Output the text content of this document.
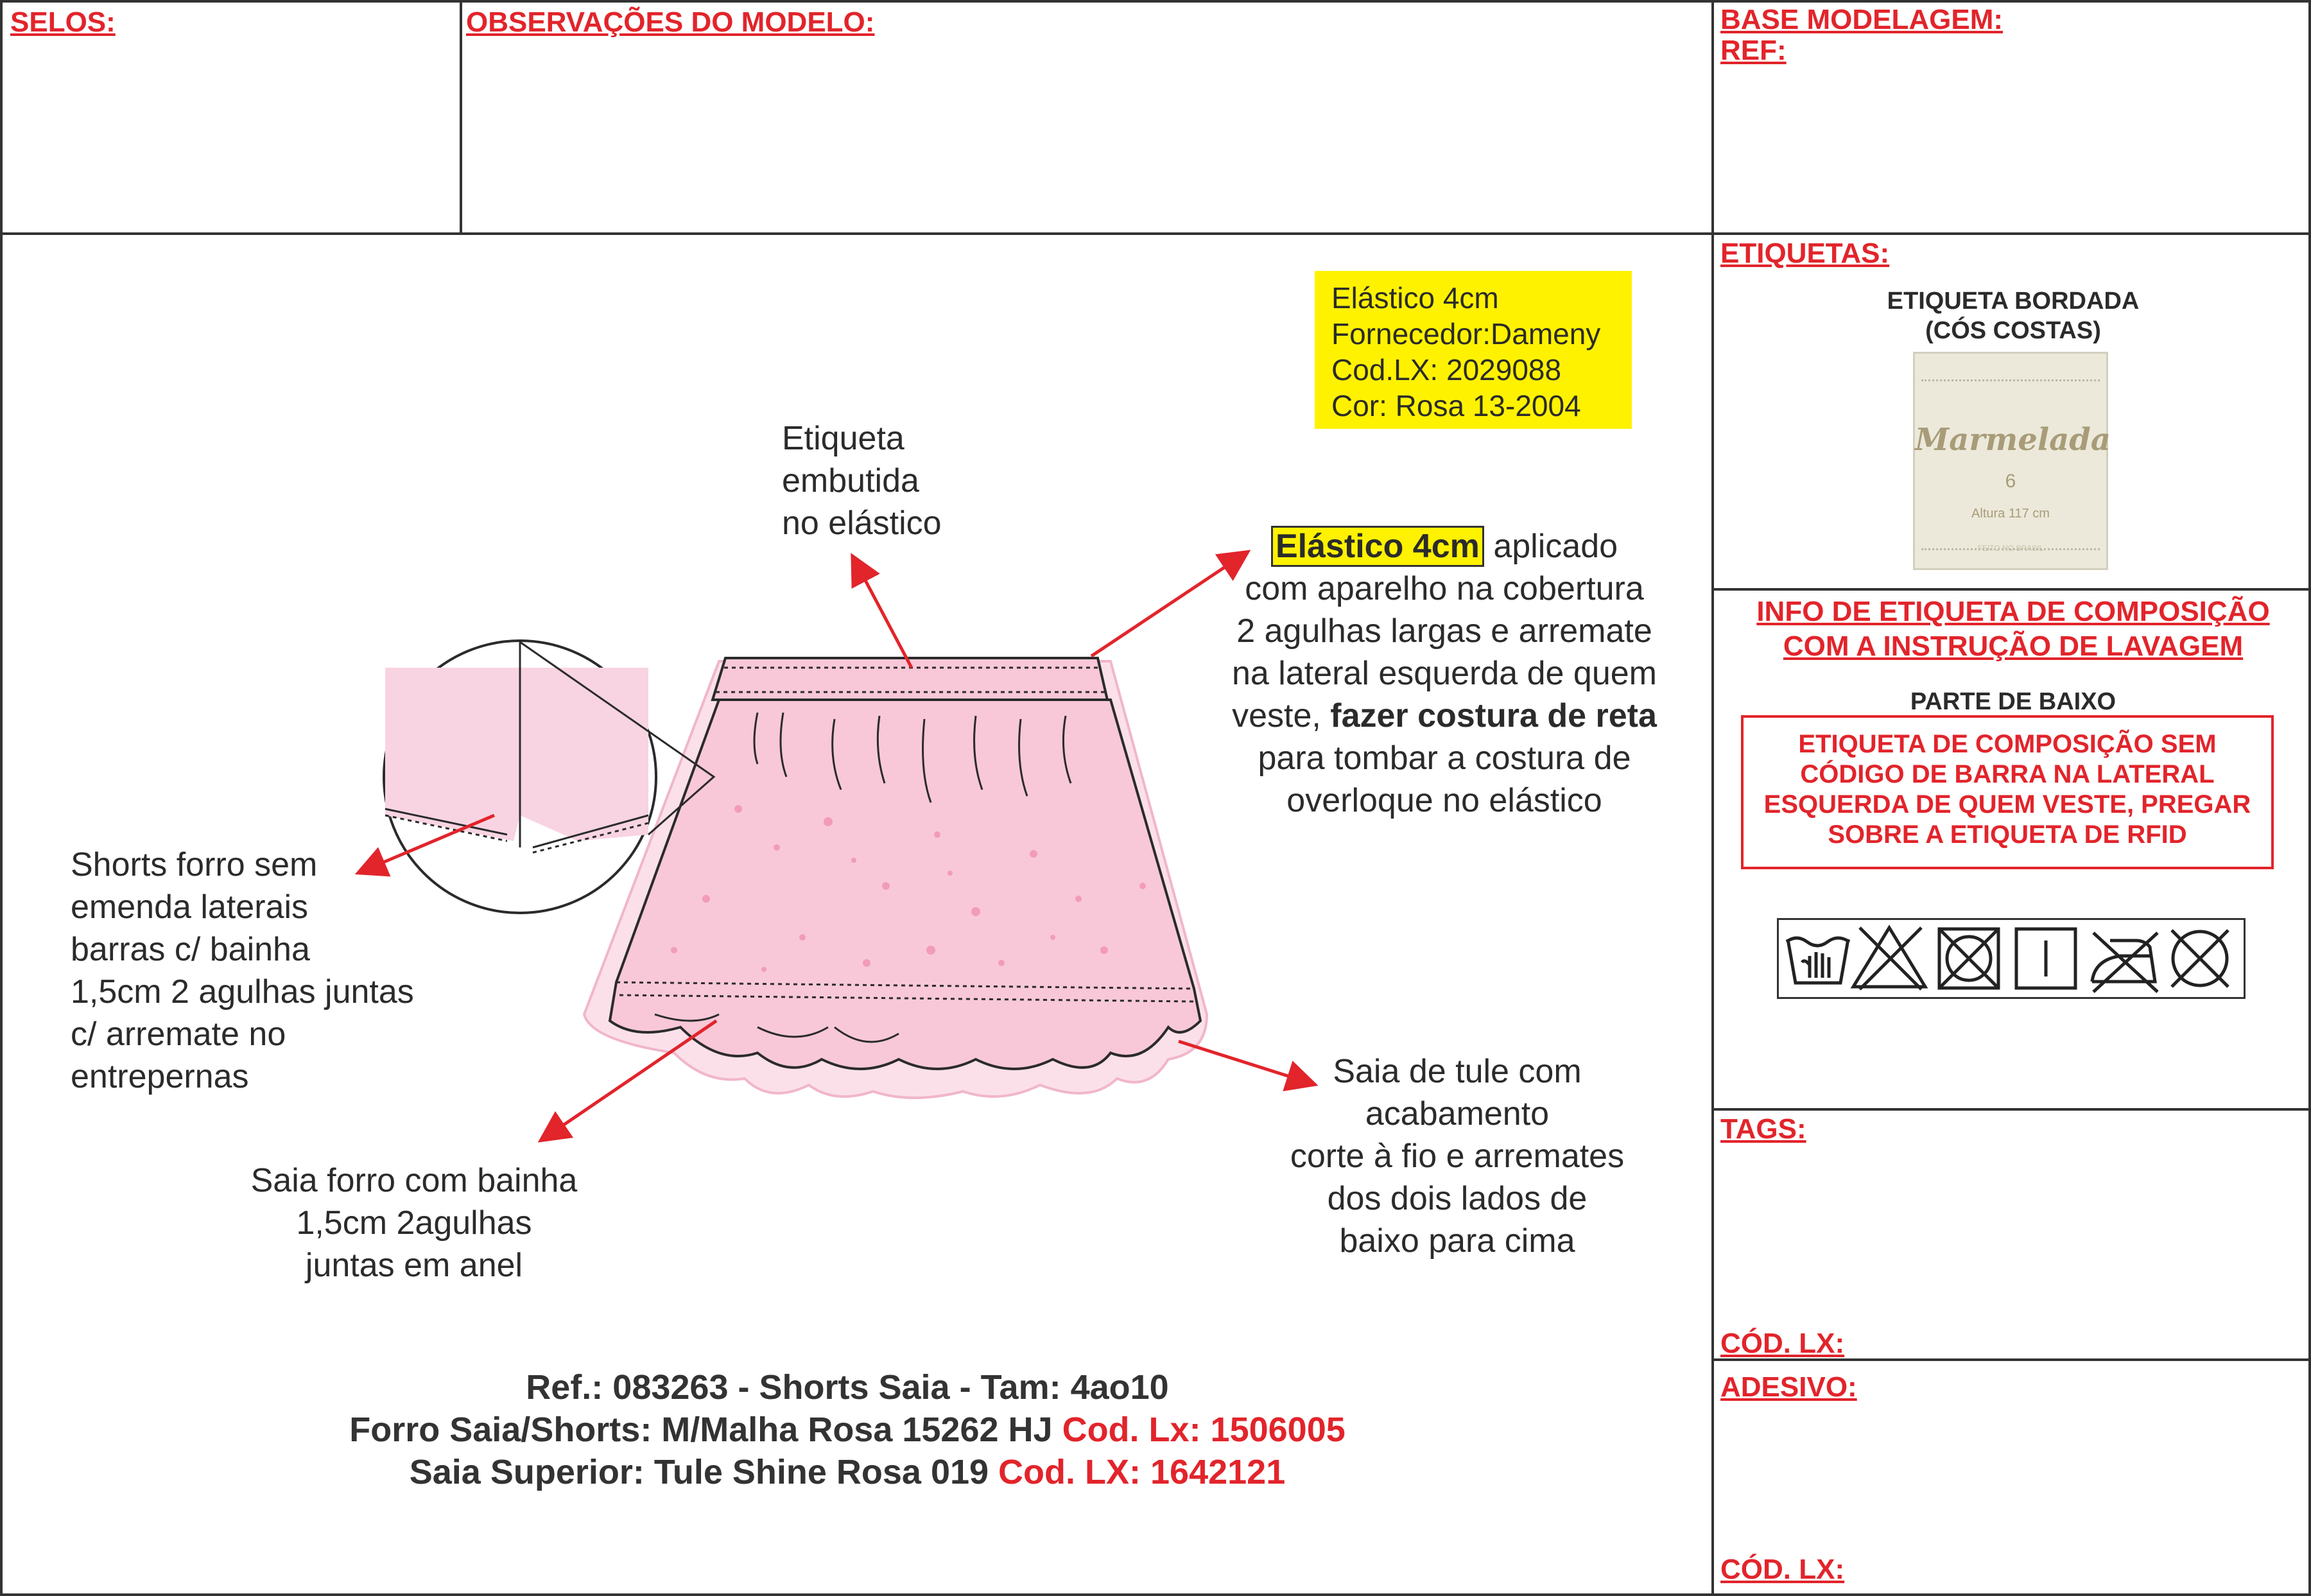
SELOS:	OBSERVAÇÕES DO MODELO:	BASE MODELAGEM:
REF:
ETIQUETAS:
ETIQUETA BORDADA
(CÓS COSTAS)
Marmelada
6
Altura 117 cm
FEITO NO BRASIL
INFO DE ETIQUETA DE COMPOSIÇÃO
COM A INSTRUÇÃO DE LAVAGEM
PARTE DE BAIXO
ETIQUETA DE COMPOSIÇÃO SEM
CÓDIGO DE BARRA NA LATERAL
ESQUERDA DE QUEM VESTE, PREGAR
SOBRE A ETIQUETA DE RFID
TAGS:
CÓD. LX:
ADESIVO:
CÓD. LX:
Elástico 4cm
Fornecedor:Dameny
Cod.LX: 2029088
Cor: Rosa 13-2004
Etiqueta
embutida
no elástico
Elástico 4cm aplicado
com aparelho na cobertura
2 agulhas largas e arremate
na lateral esquerda de quem
veste, fazer costura de reta
para tombar a costura de
overloque no elástico
Shorts forro sem
emenda laterais
barras c/ bainha
1,5cm 2 agulhas juntas
c/ arremate no
entrepernas	Saia de tule com
acabamento
corte à fio e arremates
dos dois lados de
baixo para cima
Saia forro com bainha
1,5cm 2agulhas
juntas em anel
Ref.: 083263 - Shorts Saia - Tam: 4ao10
Forro Saia/Shorts: M/Malha Rosa 15262 HJ Cod. Lx: 1506005
Saia Superior: Tule Shine Rosa 019 Cod. LX: 1642121
